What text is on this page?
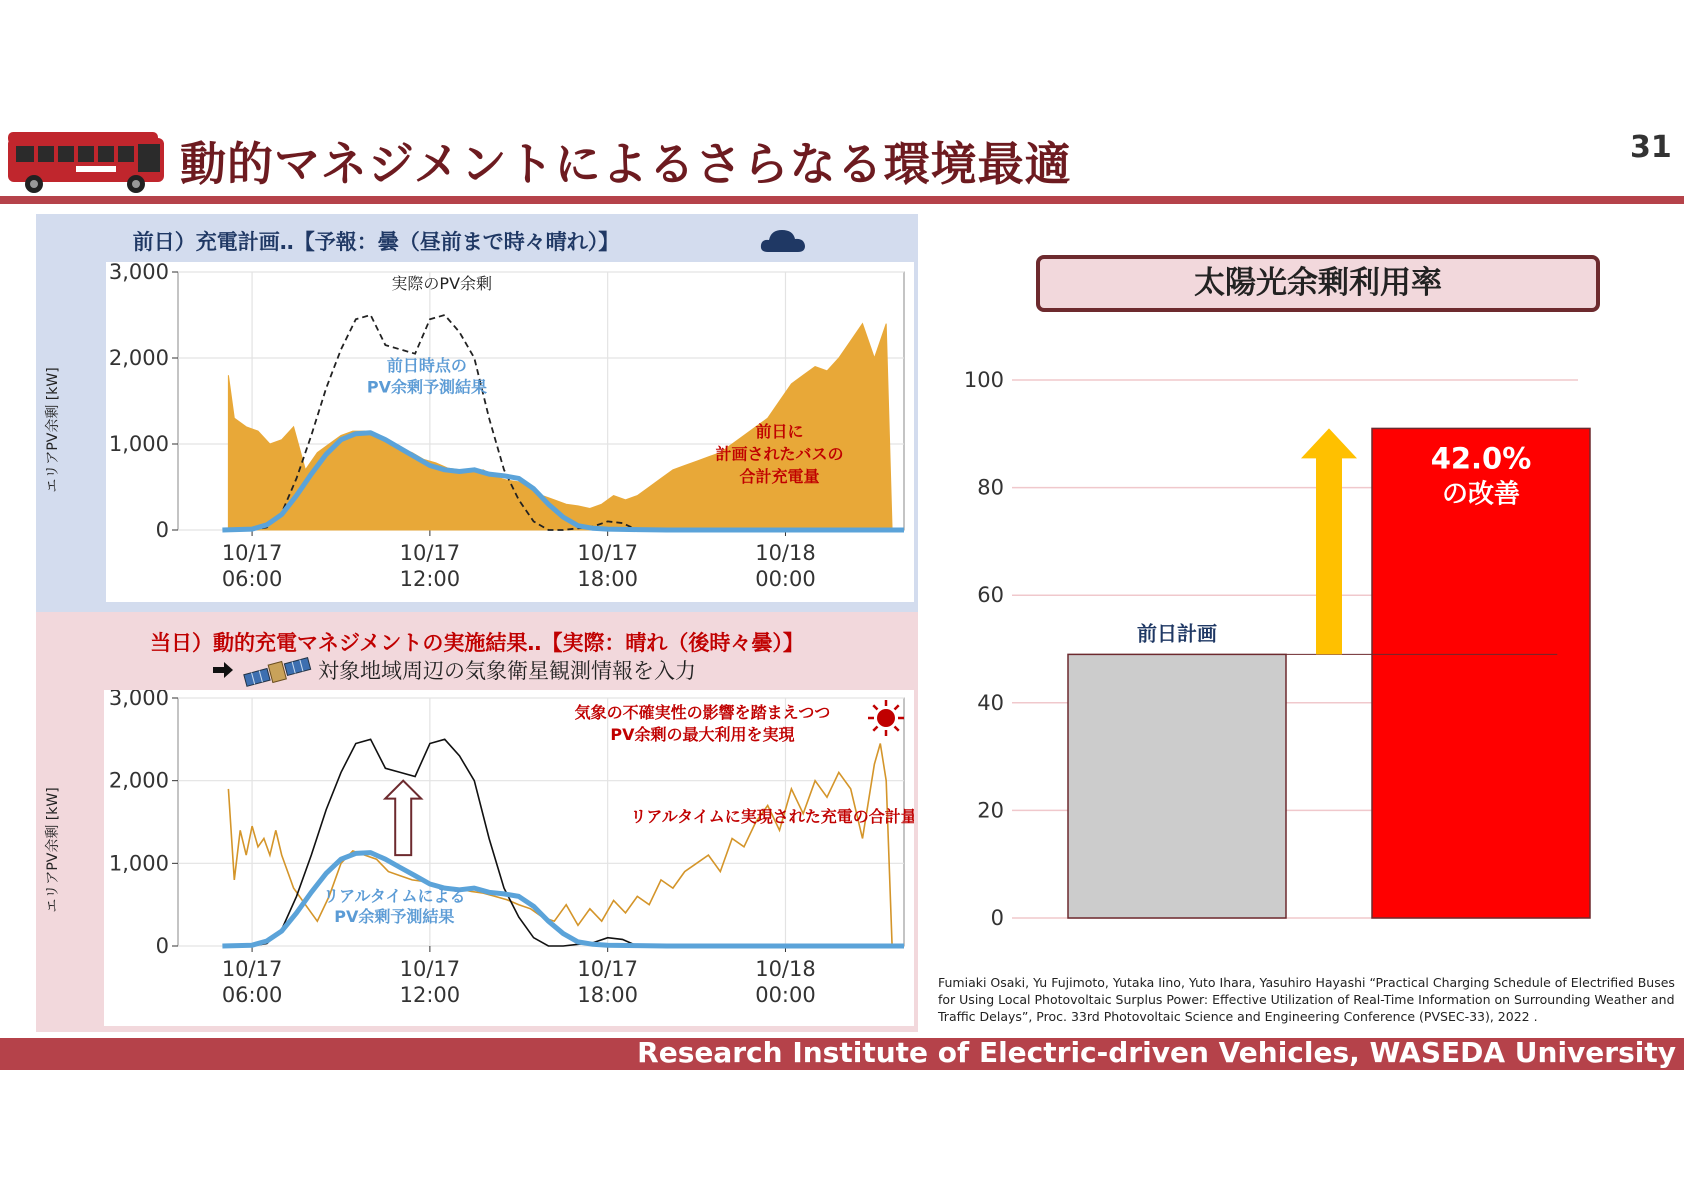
動的マネジメントによるさらなる環境最適	31
前日）充電計画‥【予報：曇（昼前まで時々晴れ）】
当日）動的充電マネジメントの実施結果‥【実際：晴れ（後時々曇）】
対象地域周辺の気象衛星観測情報を入力
エリアPV余剰 [kW]
エリアPV余剰 [kW]
0
1,000
2,000
3,000
10/17
06:00
10/17
12:00
10/17
18:00
10/18
00:00
実際のPV余剰
前日時点の
PV余剰予測結果
前日に
計画されたバスの
合計充電量
0
1,000
2,000
3,000
10/17
06:00
10/17
12:00
10/17
18:00
10/18
00:00
気象の不確実性の影響を踏まえつつ
PV余剰の最大利用を実現
リアルタイムに実現された充電の合計量
リアルタイムによる
PV余剰予測結果
太陽光余剰利用率
0
20
40
60
80
100
前日計画
42.0%
の改善
Fumiaki Osaki, Yu Fujimoto, Yutaka Iino, Yuto Ihara, Yasuhiro Hayashi “Practical Charging Schedule of Electrified Buses for Using Local Photovoltaic Surplus Power: Effective Utilization of Real-Time Information on Surrounding Weather and Traffic Delays”, Proc. 33rd Photovoltaic Science and Engineering Conference (PVSEC-33), 2022 .
Research Institute of Electric-driven Vehicles, WASEDA University
